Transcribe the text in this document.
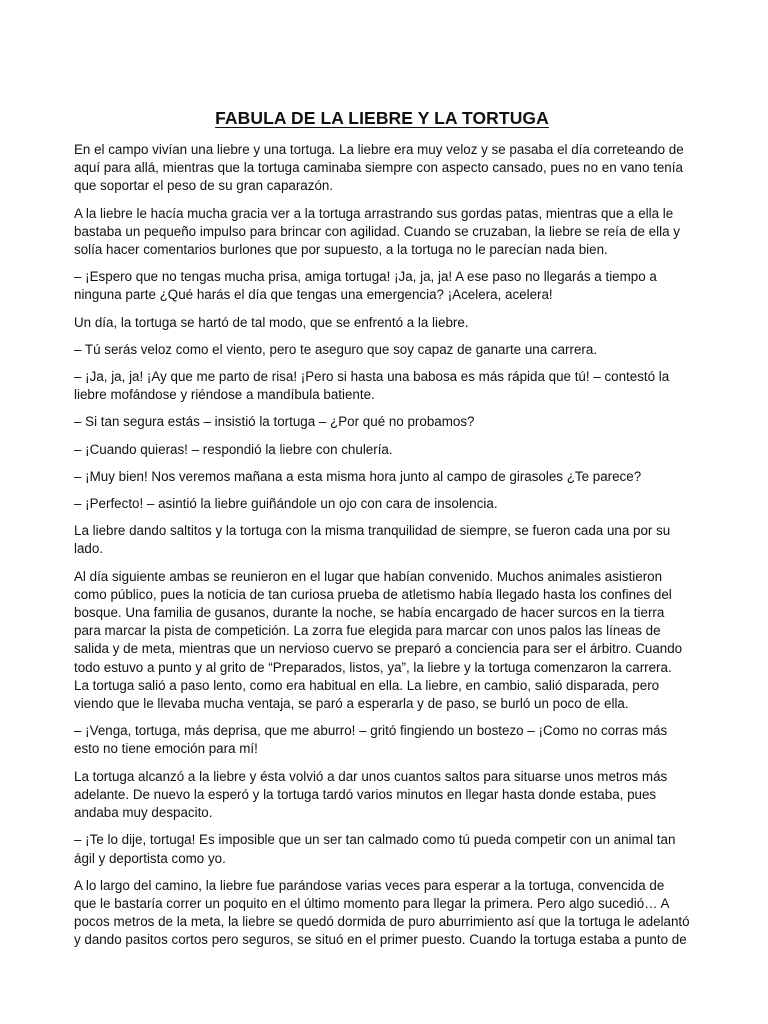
FABULA DE LA LIEBRE Y LA TORTUGA

En el campo vivían una liebre y una tortuga. La liebre era muy veloz y se pasaba el día correteando de aquí para allá, mientras que la tortuga caminaba siempre con aspecto cansado, pues no en vano tenía que soportar el peso de su gran caparazón.

A la liebre le hacía mucha gracia ver a la tortuga arrastrando sus gordas patas, mientras que a ella le bastaba un pequeño impulso para brincar con agilidad. Cuando se cruzaban, la liebre se reía de ella y solía hacer comentarios burlones que por supuesto, a la tortuga no le parecían nada bien.

– ¡Espero que no tengas mucha prisa, amiga tortuga! ¡Ja, ja, ja! A ese paso no llegarás a tiempo a ninguna parte ¿Qué harás el día que tengas una emergencia? ¡Acelera, acelera!

Un día, la tortuga se hartó de tal modo, que se enfrentó a la liebre.

– Tú serás veloz como el viento, pero te aseguro que soy capaz de ganarte una carrera.

– ¡Ja, ja, ja! ¡Ay que me parto de risa! ¡Pero si hasta una babosa es más rápida que tú! – contestó la liebre mofándose y riéndose a mandíbula batiente.

– Si tan segura estás – insistió la tortuga – ¿Por qué no probamos?

– ¡Cuando quieras! – respondió la liebre con chulería.

– ¡Muy bien! Nos veremos mañana a esta misma hora junto al campo de girasoles ¿Te parece?

– ¡Perfecto! – asintió la liebre guiñándole un ojo con cara de insolencia.

La liebre dando saltitos y la tortuga con la misma tranquilidad de siempre, se fueron cada una por su lado.

Al día siguiente ambas se reunieron en el lugar que habían convenido. Muchos animales asistieron como público, pues la noticia de tan curiosa prueba de atletismo había llegado hasta los confines del bosque. Una familia de gusanos, durante la noche, se había encargado de hacer surcos en la tierra para marcar la pista de competición. La zorra fue elegida para marcar con unos palos las líneas de salida y de meta, mientras que un nervioso cuervo se preparó a conciencia para ser el árbitro. Cuando todo estuvo a punto y al grito de “Preparados, listos, ya”, la liebre y la tortuga comenzaron la carrera. La tortuga salió a paso lento, como era habitual en ella. La liebre, en cambio, salió disparada, pero viendo que le llevaba mucha ventaja, se paró a esperarla y de paso, se burló un poco de ella.

– ¡Venga, tortuga, más deprisa, que me aburro! – gritó fingiendo un bostezo – ¡Como no corras más esto no tiene emoción para mí!

La tortuga alcanzó a la liebre y ésta volvió a dar unos cuantos saltos para situarse unos metros más adelante. De nuevo la esperó y la tortuga tardó varios minutos en llegar hasta donde estaba, pues andaba muy despacito.

– ¡Te lo dije, tortuga! Es imposible que un ser tan calmado como tú pueda competir con un animal tan ágil y deportista como yo.

A lo largo del camino, la liebre fue parándose varias veces para esperar a la tortuga, convencida de que le bastaría correr un poquito en el último momento para llegar la primera. Pero algo sucedió… A pocos metros de la meta, la liebre se quedó dormida de puro aburrimiento así que la tortuga le adelantó y dando pasitos cortos pero seguros, se situó en el primer puesto. Cuando la tortuga estaba a punto de
